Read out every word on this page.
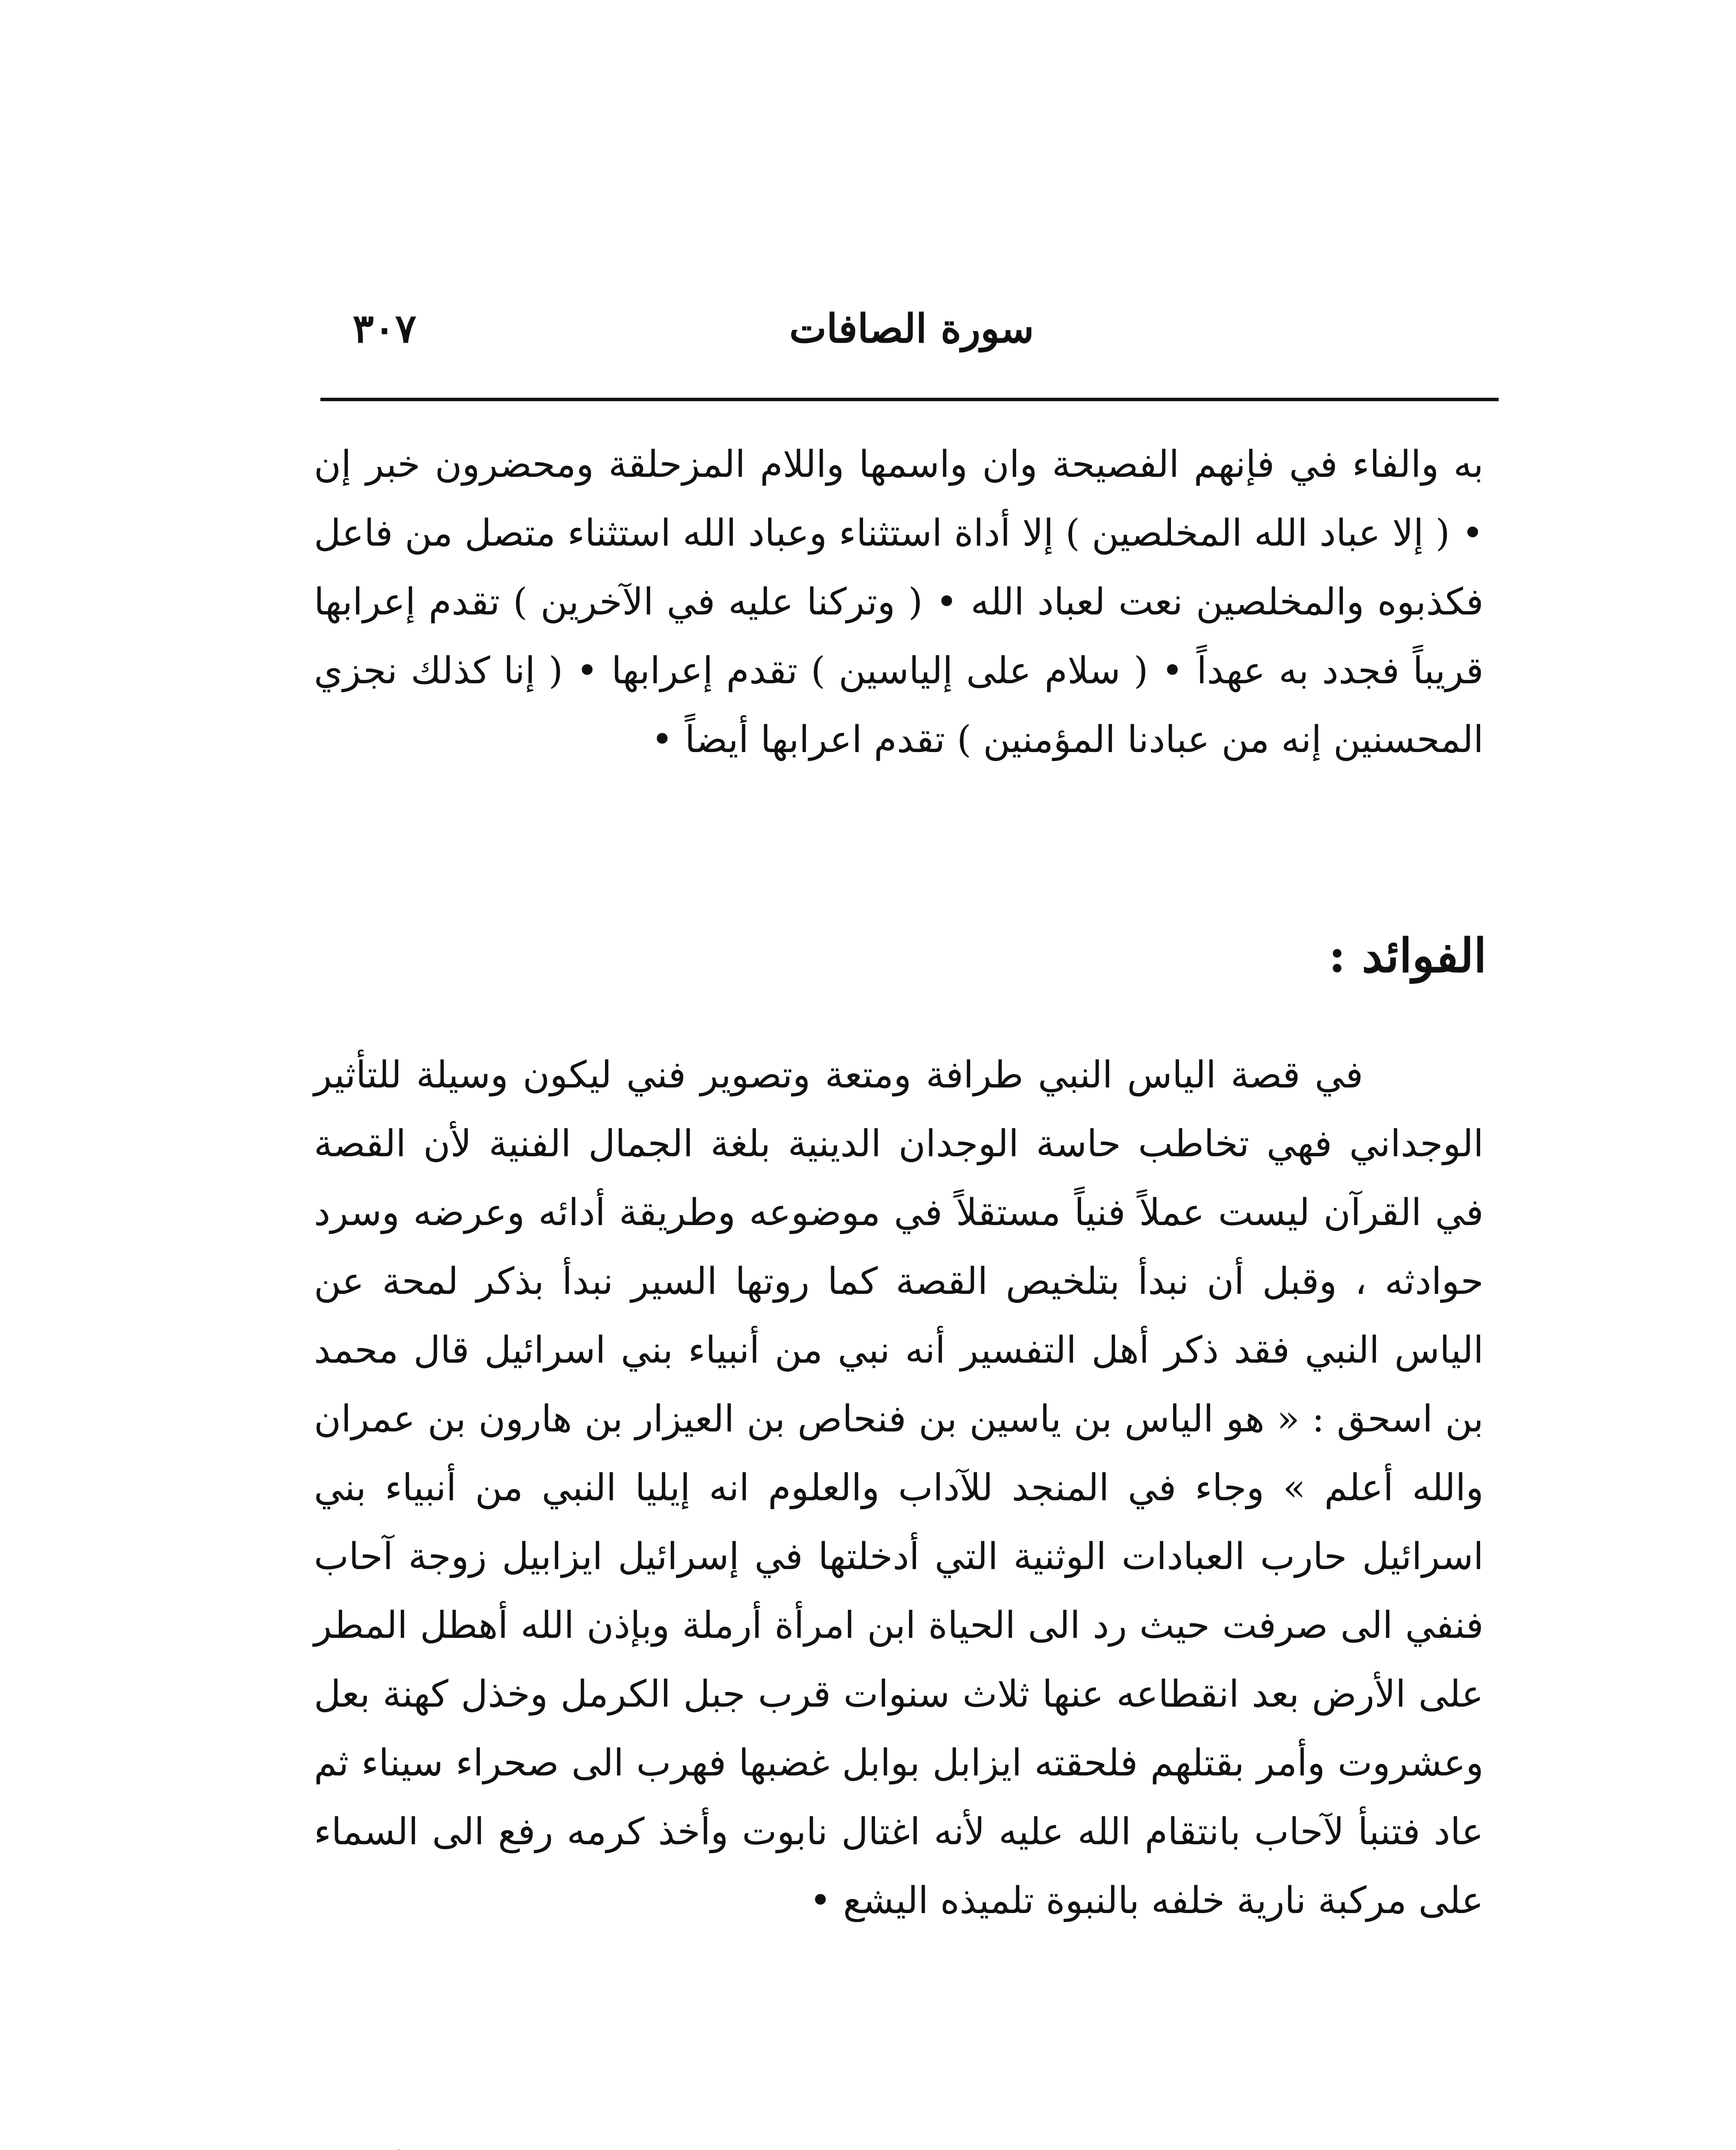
٣٠٧	سورة الصافات

به والفاء في فإنهم الفصيحة وان واسمها واللام المزحلقة ومحضرون خبر إن • ( إلا عباد الله المخلصين ) إلا أداة استثناء وعباد الله استثناء متصل من فاعل فكذبوه والمخلصين نعت لعباد الله • ( وتركنا عليه في الآخرين ) تقدم إعرابها قريباً فجدد به عهداً • ( سلام على إلياسين ) تقدم إعرابها • ( إنا كذلك نجزي المحسنين إنه من عبادنا المؤمنين ) تقدم اعرابها أيضاً •

الفوائد :

في قصة الياس النبي طرافة ومتعة وتصوير فني ليكون وسيلة للتأثير الوجداني فهي تخاطب حاسة الوجدان الدينية بلغة الجمال الفنية لأن القصة في القرآن ليست عملاً فنياً مستقلاً في موضوعه وطريقة أدائه وعرضه وسرد حوادثه ، وقبل أن نبدأ بتلخيص القصة كما روتها السير نبدأ بذكر لمحة عن الياس النبي فقد ذكر أهل التفسير أنه نبي من أنبياء بني اسرائيل قال محمد بن اسحق : « هو الياس بن ياسين بن فنحاص بن العيزار بن هارون بن عمران والله أعلم » وجاء في المنجد للآداب والعلوم انه إيليا النبي من أنبياء بني اسرائيل حارب العبادات الوثنية التي أدخلتها في إسرائيل ايزابيل زوجة آحاب فنفي الى صرفت حيث رد الى الحياة ابن امرأة أرملة وبإذن الله أهطل المطر على الأرض بعد انقطاعه عنها ثلاث سنوات قرب جبل الكرمل وخذل كهنة بعل وعشروت وأمر بقتلهم فلحقته ايزابل بوابل غضبها فهرب الى صحراء سيناء ثم عاد فتنبأ لآحاب بانتقام الله عليه لأنه اغتال نابوت وأخذ كرمه رفع الى السماء على مركبة نارية خلفه بالنبوة تلميذه اليشع •
